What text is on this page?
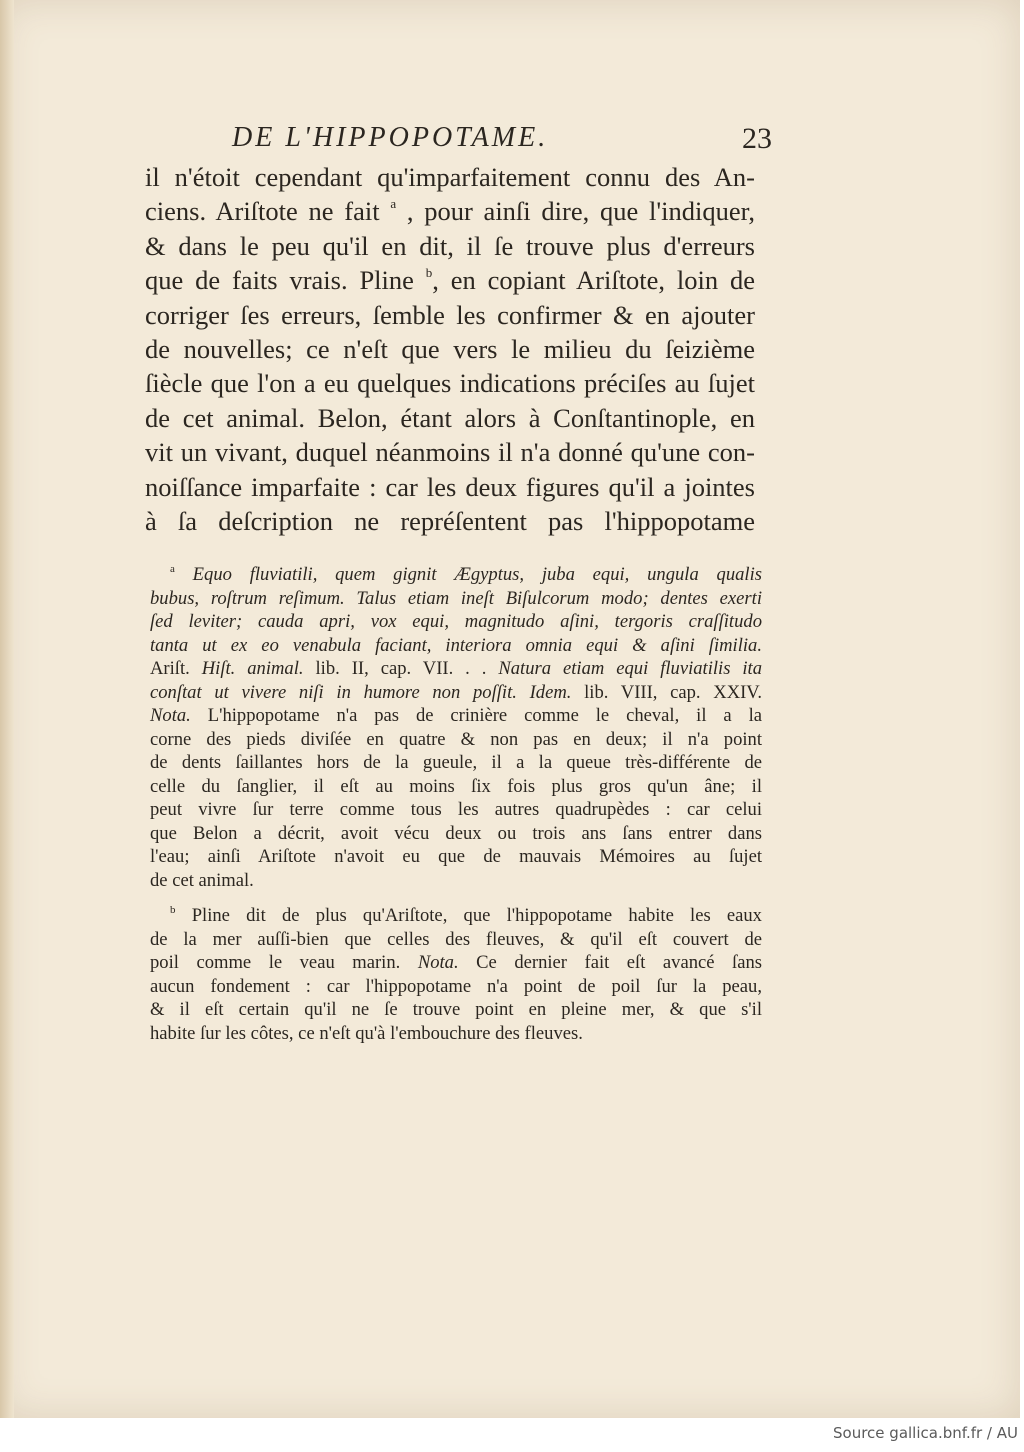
DE L'HIPPOPOTAME.	23
il n'étoit cependant qu'imparfaitement connu des An-
ciens. Ariſtote ne fait $^a$ , pour ainſi dire, que l'indiquer,
& dans le peu qu'il en dit, il ſe trouve plus d'erreurs
que de faits vrais. Pline $^b$, en copiant Ariſtote, loin de
corriger ſes erreurs, ſemble les confirmer & en ajouter
de nouvelles; ce n'eſt que vers le milieu du ſeizième
ſiècle que l'on a eu quelques indications préciſes au ſujet
de cet animal. Belon, étant alors à Conſtantinople, en
vit un vivant, duquel néanmoins il n'a donné qu'une con-
noiſſance imparfaite : car les deux figures qu'il a jointes
à ſa deſcription ne repréſentent pas l'hippopotame
$^a$ Equo fluviatili, quem gignit Ægyptus, juba equi, ungula qualis
bubus, roſtrum reſimum. Talus etiam ineſt Biſulcorum modo; dentes exerti
ſed leviter; cauda apri, vox equi, magnitudo aſini, tergoris craſſitudo
tanta ut ex eo venabula faciant, interiora omnia equi & aſini ſimilia.
Ariſt. Hiſt. animal. lib. II, cap. VII. . . Natura etiam equi fluviatilis ita
conſtat ut vivere niſi in humore non poſſit. Idem. lib. VIII, cap. XXIV.
Nota. L'hippopotame n'a pas de crinière comme le cheval, il a la
corne des pieds diviſée en quatre & non pas en deux; il n'a point
de dents ſaillantes hors de la gueule, il a la queue très-différente de
celle du ſanglier, il eſt au moins ſix fois plus gros qu'un âne; il
peut vivre ſur terre comme tous les autres quadrupèdes : car celui
que Belon a décrit, avoit vécu deux ou trois ans ſans entrer dans
l'eau; ainſi Ariſtote n'avoit eu que de mauvais Mémoires au ſujet
de cet animal.
$^b$ Pline dit de plus qu'Ariſtote, que l'hippopotame habite les eaux
de la mer auſſi-bien que celles des fleuves, & qu'il eſt couvert de
poil comme le veau marin. Nota. Ce dernier fait eſt avancé ſans
aucun fondement : car l'hippopotame n'a point de poil ſur la peau,
& il eſt certain qu'il ne ſe trouve point en pleine mer, & que s'il
habite ſur les côtes, ce n'eſt qu'à l'embouchure des fleuves.
Source gallica.bnf.fr / AU
